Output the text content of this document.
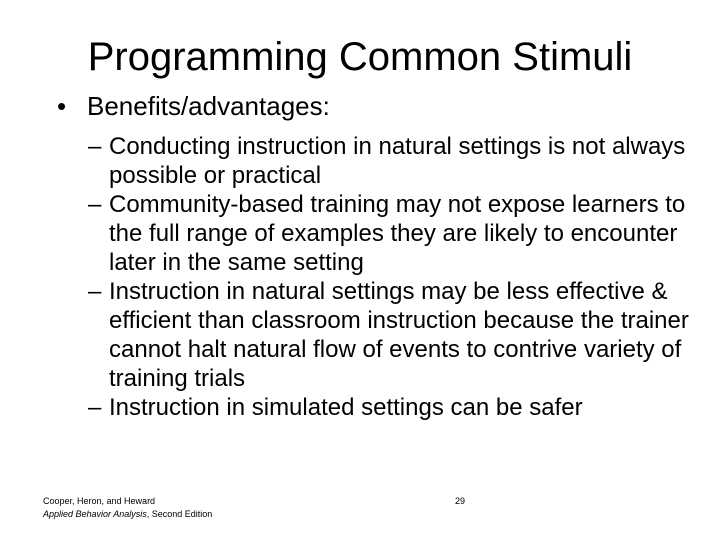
Programming Common Stimuli
• Benefits/advantages:
– Conducting instruction in natural settings is not always possible or practical
– Community-based training may not expose learners to the full range of examples they are likely to encounter later in the same setting
– Instruction in natural settings may be less effective & efficient than classroom instruction because the trainer cannot halt natural flow of events to contrive variety of training trials
– Instruction in simulated settings can be safer
Cooper, Heron, and Heward
Applied Behavior Analysis, Second Edition
29
